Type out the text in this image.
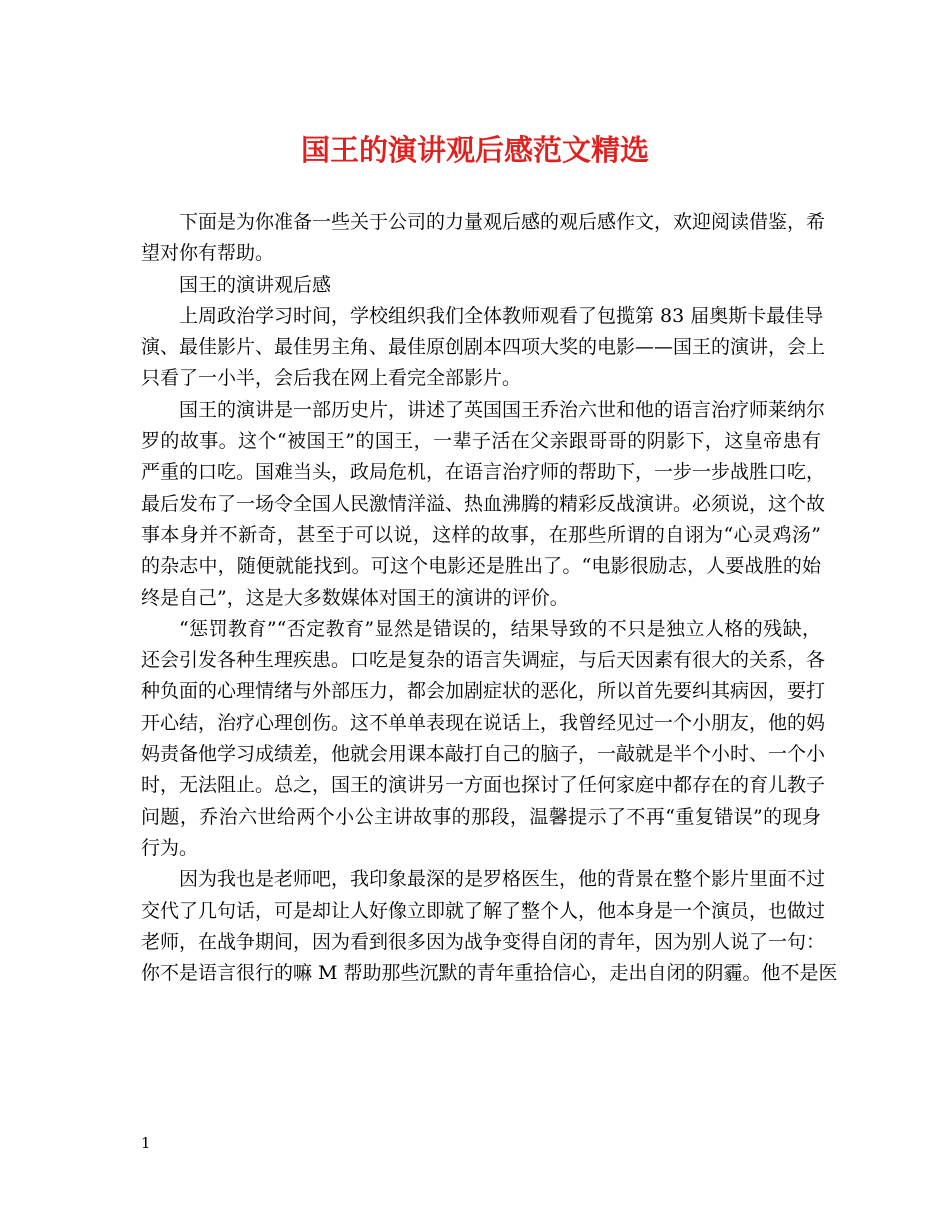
国王的演讲观后感范文精选
下面是为你准备一些关于公司的力量观后感的观后感作文，欢迎阅读借鉴，希
望对你有帮助。
国王的演讲观后感
上周政治学习时间，学校组织我们全体教师观看了包揽第 83 届奥斯卡最佳导
演、最佳影片、最佳男主角、最佳原创剧本四项大奖的电影——国王的演讲，会上
只看了一小半，会后我在网上看完全部影片。
国王的演讲是一部历史片，讲述了英国国王乔治六世和他的语言治疗师莱纳尔
罗的故事。这个“被国王”的国王，一辈子活在父亲跟哥哥的阴影下，这皇帝患有
严重的口吃。国难当头，政局危机，在语言治疗师的帮助下，一步一步战胜口吃，
最后发布了一场令全国人民激情洋溢、热血沸腾的精彩反战演讲。必须说，这个故
事本身并不新奇，甚至于可以说，这样的故事，在那些所谓的自诩为“心灵鸡汤”
的杂志中，随便就能找到。可这个电影还是胜出了。“电影很励志，人要战胜的始
终是自己”，这是大多数媒体对国王的演讲的评价。
“惩罚教育”“否定教育”显然是错误的，结果导致的不只是独立人格的残缺，
还会引发各种生理疾患。口吃是复杂的语言失调症，与后天因素有很大的关系，各
种负面的心理情绪与外部压力，都会加剧症状的恶化，所以首先要纠其病因，要打
开心结，治疗心理创伤。这不单单表现在说话上，我曾经见过一个小朋友，他的妈
妈责备他学习成绩差，他就会用课本敲打自己的脑子，一敲就是半个小时、一个小
时，无法阻止。总之，国王的演讲另一方面也探讨了任何家庭中都存在的育儿教子
问题，乔治六世给两个小公主讲故事的那段，温馨提示了不再“重复错误”的现身
行为。
因为我也是老师吧，我印象最深的是罗格医生，他的背景在整个影片里面不过
交代了几句话，可是却让人好像立即就了解了整个人，他本身是一个演员，也做过
老师，在战争期间，因为看到很多因为战争变得自闭的青年，因为别人说了一句：
你不是语言很行的嘛 M 帮助那些沉默的青年重拾信心，走出自闭的阴霾。他不是医
1
